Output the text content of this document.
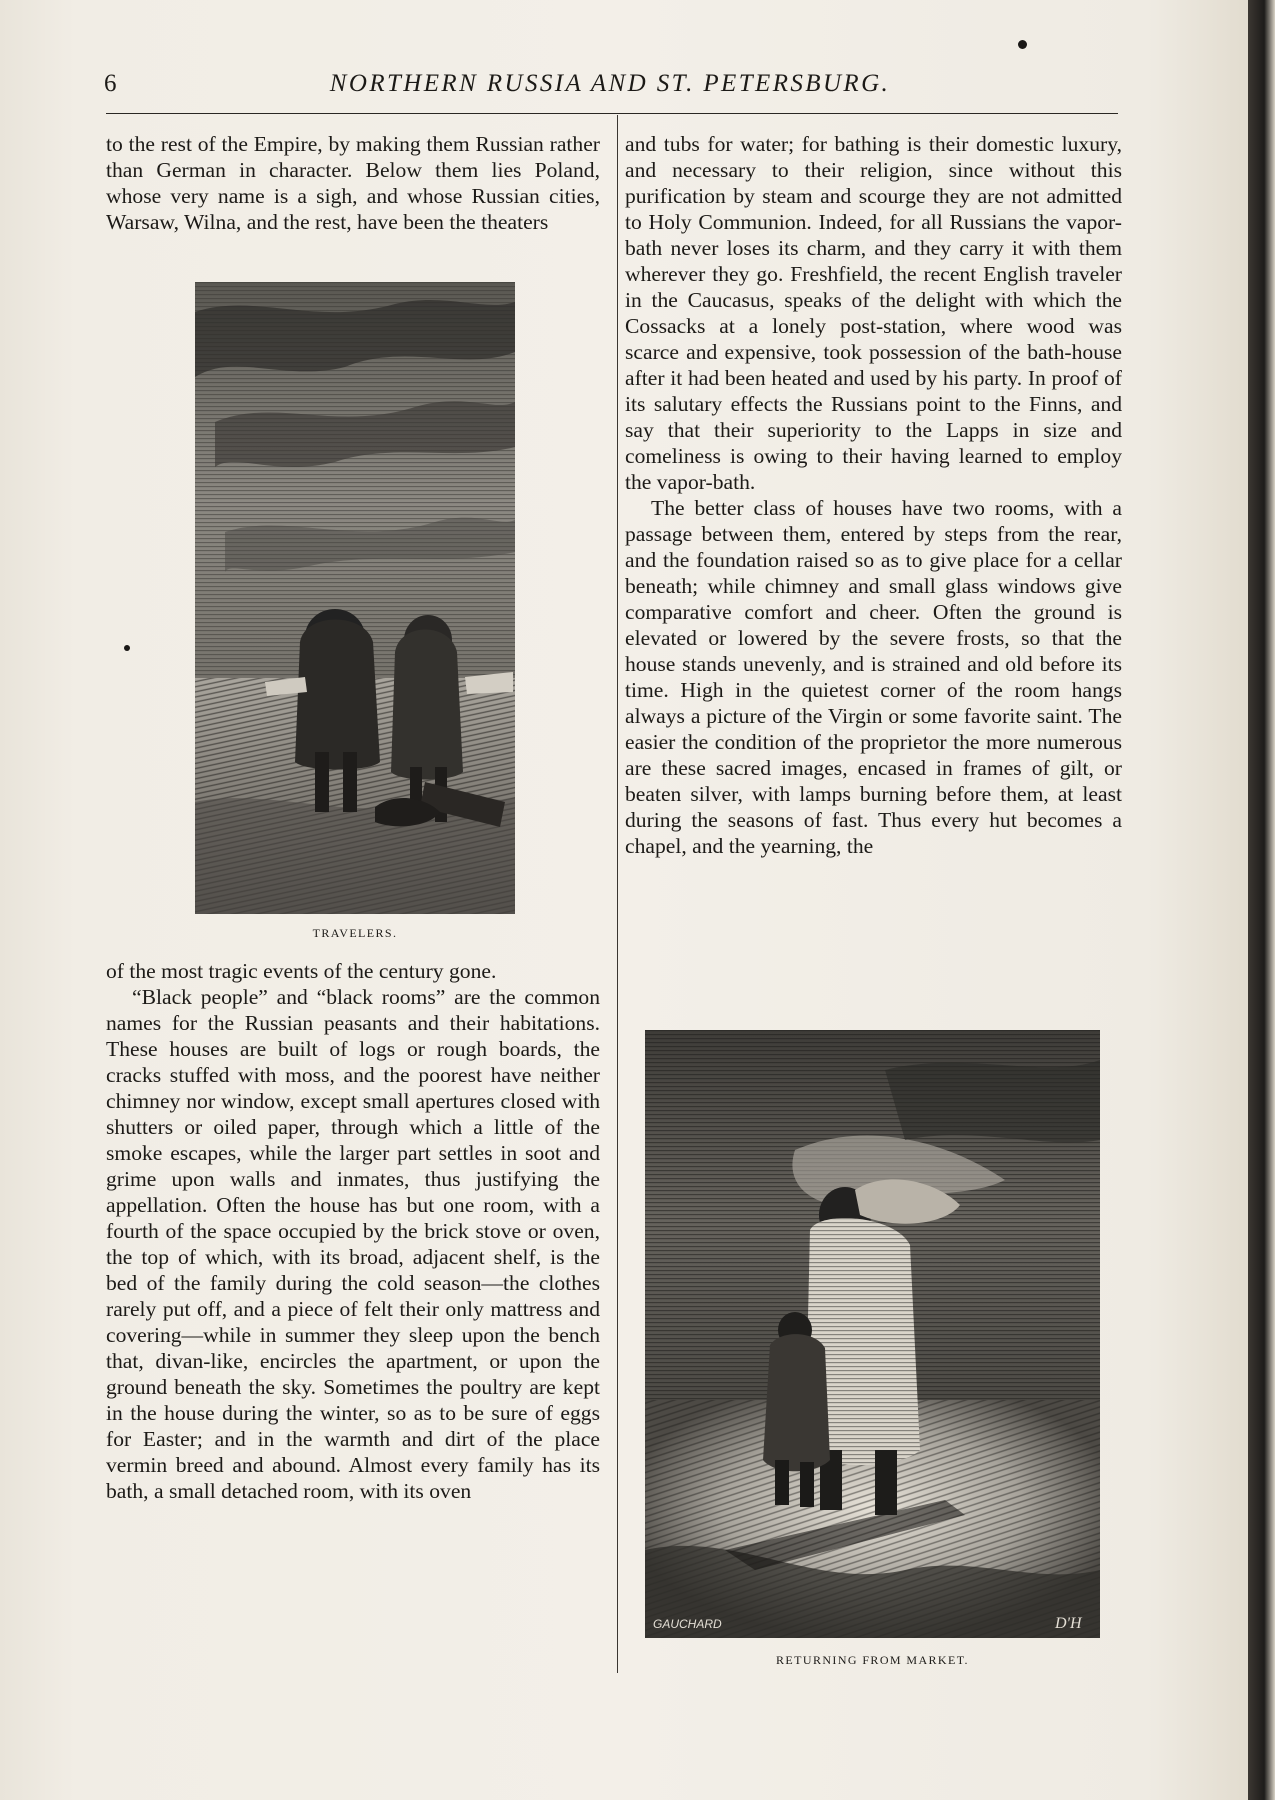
6	NORTHERN RUSSIA AND ST. PETERSBURG.

to the rest of the Empire, by making them Russian rather than German in character. Below them lies Poland, whose very name is a sigh, and whose Russian cities, Warsaw, Wilna, and the rest, have been the theaters

TRAVELERS.

of the most tragic events of the century gone.

“Black people” and “black rooms” are the common names for the Russian peasants and their habitations. These houses are built of logs or rough boards, the cracks stuffed with moss, and the poorest have neither chimney nor window, except small apertures closed with shutters or oiled paper, through which a little of the smoke escapes, while the larger part settles in soot and grime upon walls and inmates, thus justifying the appellation. Often the house has but one room, with a fourth of the space occupied by the brick stove or oven, the top of which, with its broad, adjacent shelf, is the bed of the family during the cold season—the clothes rarely put off, and a piece of felt their only mattress and covering—while in summer they sleep upon the bench that, divan-like, encircles the apartment, or upon the ground beneath the sky. Sometimes the poultry are kept in the house during the winter, so as to be sure of eggs for Easter; and in the warmth and dirt of the place vermin breed and abound. Almost every family has its bath, a small detached room, with its oven

and tubs for water; for bathing is their domestic luxury, and necessary to their religion, since without this purification by steam and scourge they are not admitted to Holy Communion. Indeed, for all Russians the vapor-bath never loses its charm, and they carry it with them wherever they go. Freshfield, the recent English traveler in the Caucasus, speaks of the delight with which the Cossacks at a lonely post-station, where wood was scarce and expensive, took possession of the bath-house after it had been heated and used by his party. In proof of its salutary effects the Russians point to the Finns, and say that their superiority to the Lapps in size and comeliness is owing to their having learned to employ the vapor-bath.

The better class of houses have two rooms, with a passage between them, entered by steps from the rear, and the foundation raised so as to give place for a cellar beneath; while chimney and small glass windows give comparative comfort and cheer. Often the ground is elevated or lowered by the severe frosts, so that the house stands unevenly, and is strained and old before its time. High in the quietest corner of the room hangs always a picture of the Virgin or some favorite saint. The easier the condition of the proprietor the more numerous are these sacred images, encased in frames of gilt, or beaten silver, with lamps burning before them, at least during the seasons of fast. Thus every hut becomes a chapel, and the yearning, the

GAUCHARD	D'H
RETURNING FROM MARKET.
